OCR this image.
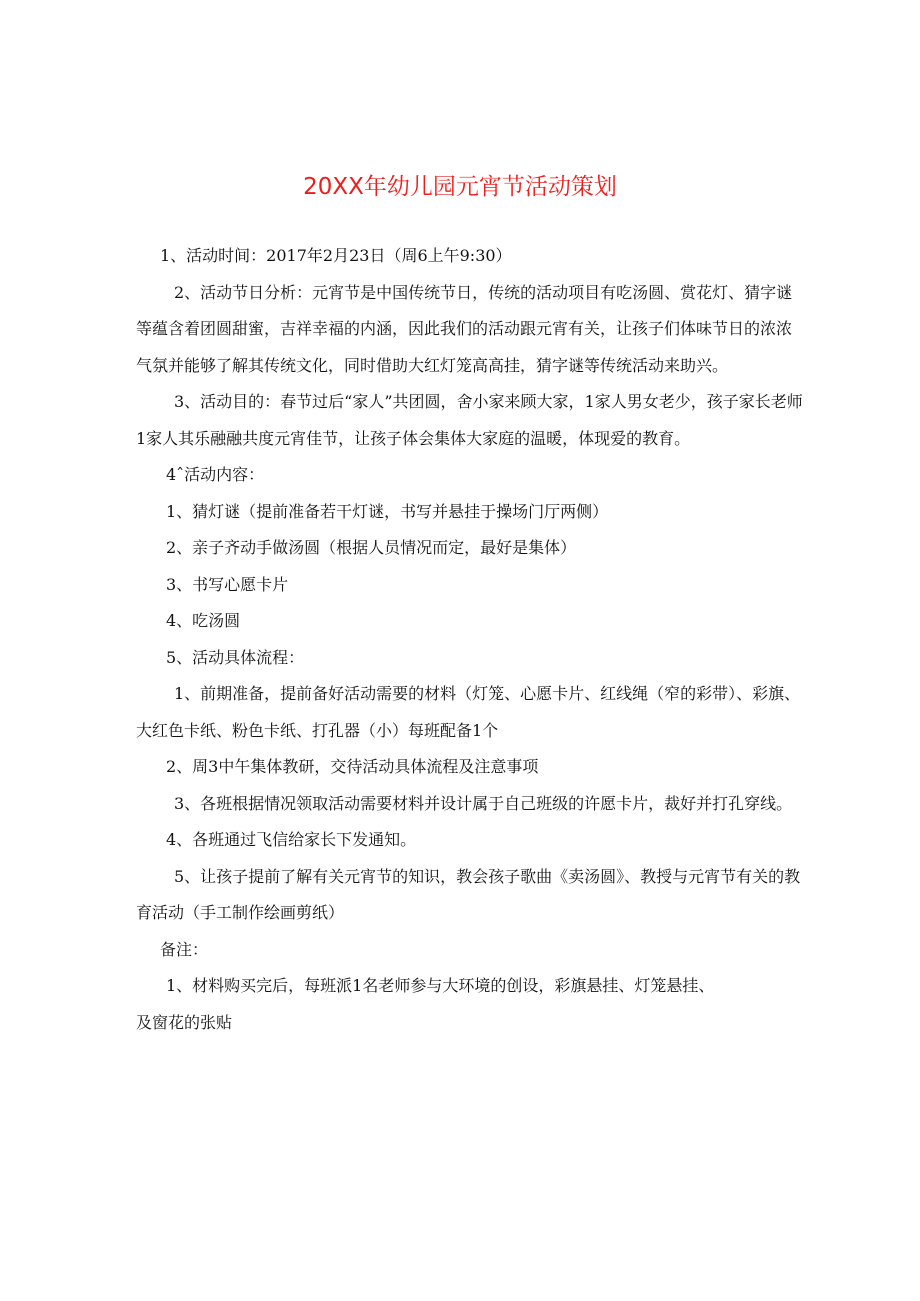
20XX年幼儿园元宵节活动策划

1、活动时间：2017年2月23日（周6上午9:30）

2、活动节日分析：元宵节是中国传统节日，传统的活动项目有吃汤圆、赏花灯、猜字谜等蕴含着团圆甜蜜，吉祥幸福的内涵，因此我们的活动跟元宵有关，让孩子们体味节日的浓浓气氛并能够了解其传统文化，同时借助大红灯笼高高挂，猜字谜等传统活动来助兴。

3、活动目的：春节过后“家人”共团圆，舍小家来顾大家，1家人男女老少，孩子家长老师1家人其乐融融共度元宵佳节，让孩子体会集体大家庭的温暖，体现爱的教育。

4ˆ活动内容：

1、猜灯谜（提前准备若干灯谜，书写并悬挂于操场门厅两侧）

2、亲子齐动手做汤圆（根据人员情况而定，最好是集体）

3、书写心愿卡片

4、吃汤圆

5、活动具体流程：

1、前期准备，提前备好活动需要的材料（灯笼、心愿卡片、红线绳（窄的彩带）、彩旗、大红色卡纸、粉色卡纸、打孔器（小）每班配备1个

2、周3中午集体教研，交待活动具体流程及注意事项

3、各班根据情况领取活动需要材料并设计属于自己班级的许愿卡片，裁好并打孔穿线。

4、各班通过飞信给家长下发通知。

5、让孩子提前了解有关元宵节的知识，教会孩子歌曲《卖汤圆》、教授与元宵节有关的教育活动（手工制作绘画剪纸）

备注：

1、材料购买完后，每班派1名老师参与大环境的创设，彩旗悬挂、灯笼悬挂、

及窗花的张贴
